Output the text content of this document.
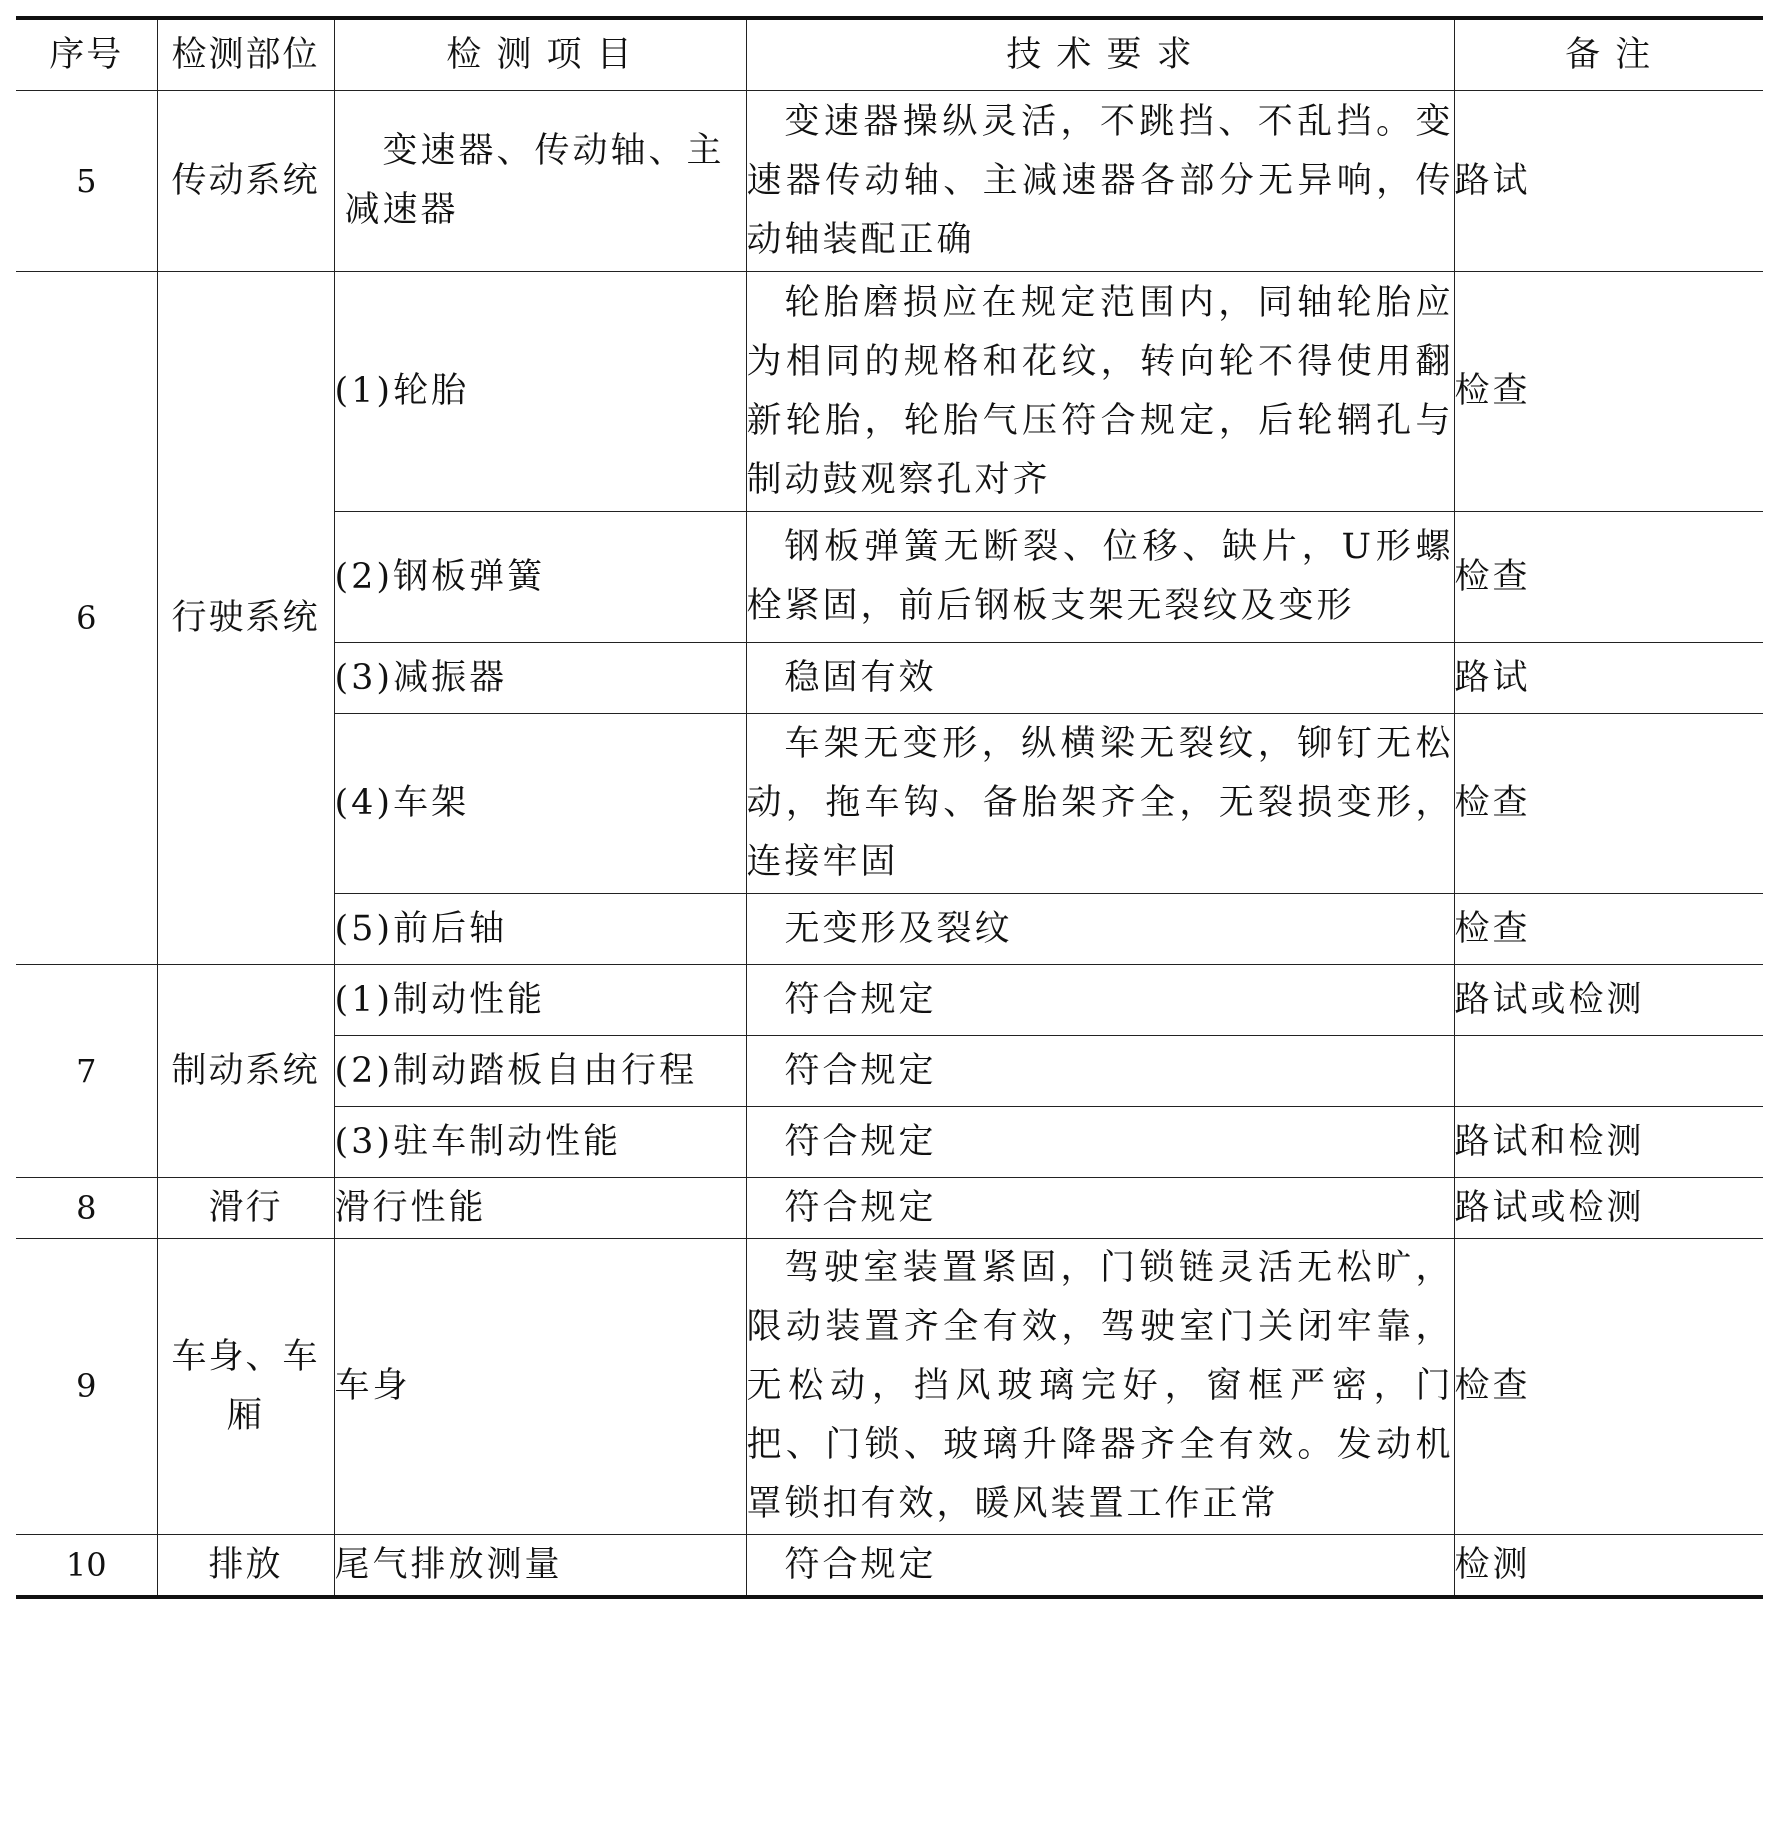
序号	检测部位	检 测 项 目	技 术 要 求	备 注
5	传动系统	变速器、传动轴、主减速器	变速器操纵灵活，不跳挡、不乱挡。变速器传动轴、主减速器各部分无异响，传动轴装配正确	路试
6	行驶系统	(1)轮胎	轮胎磨损应在规定范围内，同轴轮胎应为相同的规格和花纹，转向轮不得使用翻新轮胎，轮胎气压符合规定，后轮辋孔与制动鼓观察孔对齐	检查
		(2)钢板弹簧	钢板弹簧无断裂、位移、缺片，U形螺栓紧固，前后钢板支架无裂纹及变形	检查
		(3)减振器	稳固有效	路试
		(4)车架	车架无变形，纵横梁无裂纹，铆钉无松动，拖车钩、备胎架齐全，无裂损变形，连接牢固	检查
		(5)前后轴	无变形及裂纹	检查
7	制动系统	(1)制动性能	符合规定	路试或检测
		(2)制动踏板自由行程	符合规定	
		(3)驻车制动性能	符合规定	路试和检测
8	滑行	滑行性能	符合规定	路试或检测
9	车身、车厢	车身	驾驶室装置紧固，门锁链灵活无松旷，限动装置齐全有效，驾驶室门关闭牢靠，无松动，挡风玻璃完好，窗框严密，门把、门锁、玻璃升降器齐全有效。发动机罩锁扣有效，暖风装置工作正常	检查
10	排放	尾气排放测量	符合规定	检测
